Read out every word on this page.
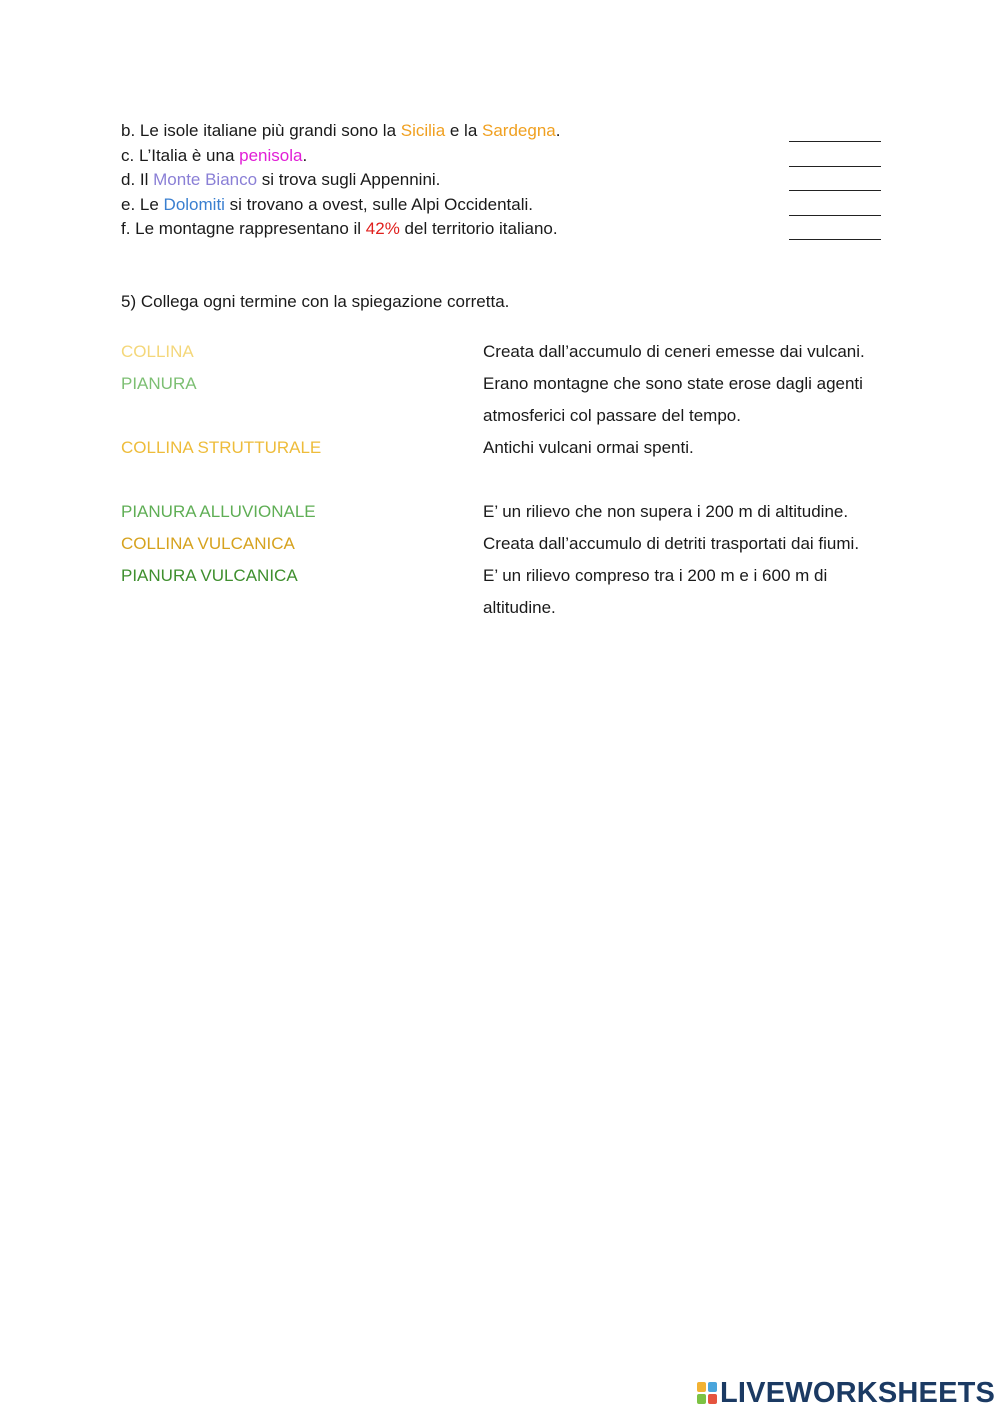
b. Le isole italiane più grandi sono la Sicilia e la Sardegna.
c. L’Italia è una penisola.
d. Il Monte Bianco si trova sugli Appennini.
e. Le Dolomiti si trovano a ovest, sulle Alpi Occidentali.
f. Le montagne rappresentano il 42% del territorio italiano.
5) Collega ogni termine con la spiegazione corretta.
COLLINA	Creata dall’accumulo di ceneri emesse dai vulcani.
PIANURA	Erano montagne che sono state erose dagli agenti atmosferici col passare del tempo.
COLLINA STRUTTURALE	Antichi vulcani ormai spenti.
PIANURA ALLUVIONALE	E’ un rilievo che non supera i 200 m di altitudine.
COLLINA VULCANICA	Creata dall’accumulo di detriti trasportati dai fiumi.
PIANURA VULCANICA	E’ un rilievo compreso tra i 200 m e i 600 m di altitudine.
LIVEWORKSHEETS
